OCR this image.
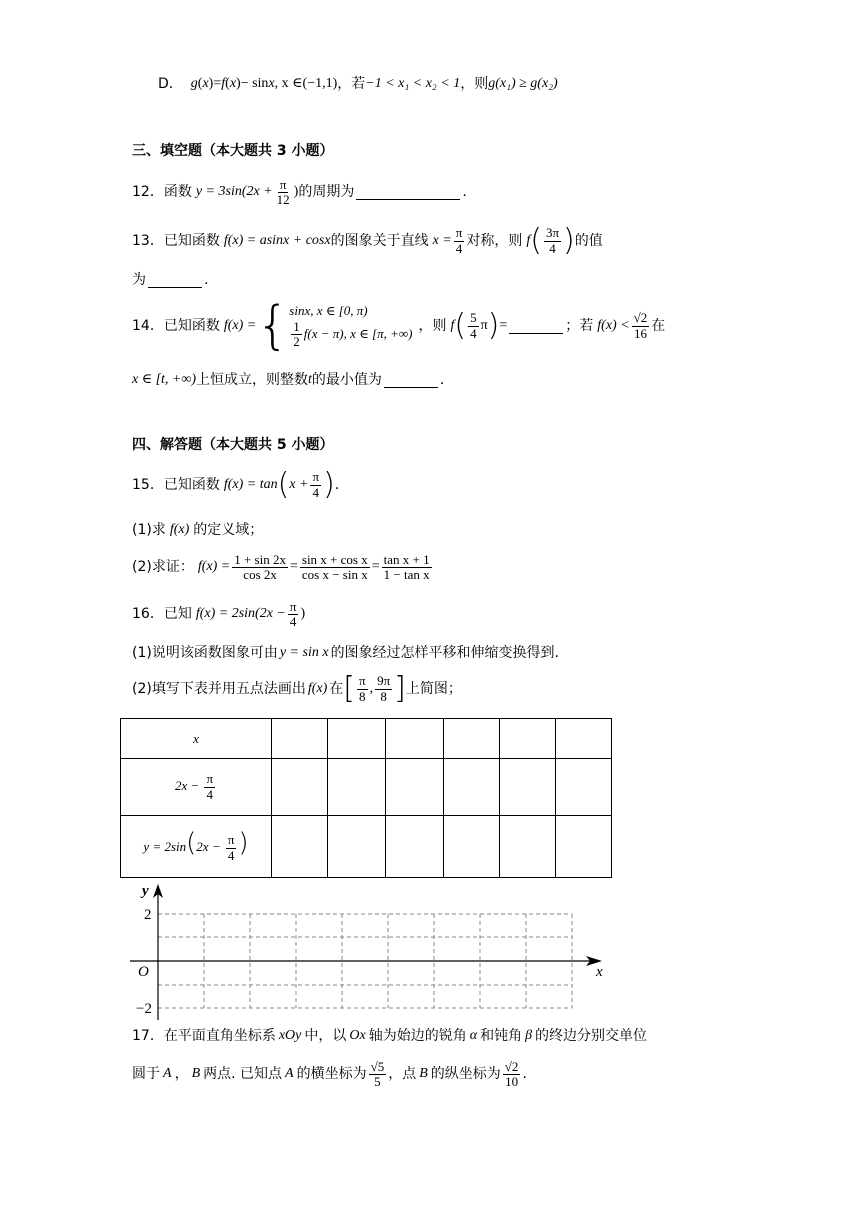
D． g ( x ) = f ( x ) − sin x , x ∈ (−1,1) ，若 −1 < x₁ < x₂ < 1 ，则 g(x₁) ≥ g(x₂)
三、填空题（本大题共 3 小题）
12． 函数 $y = 3\sin(2x + \frac{\pi}{12}$ ) 的周期为	.
13． 已知函数 f(x) = asinx + cosx 的图象关于直线 $x = \frac{\pi}{4}$ 对称，则 f ( $\frac{3\pi}{4}$ ) 的值
为	.
14． 已知函数 f(x) = { sinx, x ∈ [0, π)
$\frac{1}{2} f(x - \pi)$, x ∈ [π, +∞) ，则 f ( $\frac{5}{4}$ π ) =	；若 $f(x) < \frac{√2}{16}$ 在
x ∈ [t, +∞) 上恒成立，则整数 t 的最小值为	.
四、解答题（本大题共 5 小题）
15． 已知函数 f(x) = tan ( $x + \frac{\pi}{4}$ ) .
(1)求 f(x) 的定义域；
(2)求证： $f(x) = \frac{1 + \sin 2x}{\cos 2x} = \frac{\text{sin x + cos x}}{\text{cos x − sin x}} = \frac{\text{tan x + 1}}{\text{1 − tan x}}$
16． 已知 $f(x) = 2\sin(2x - \frac{\pi}{4}$ )
(1)说明该函数图象可由 y = sin x 的图象经过怎样平移和伸缩变换得到.
(2)填写下表并用五点法画出 f(x) 在 [ $\frac{\pi}{8}$ , $\frac{9\pi}{8}$ ] 上简图；
x						
$2x - \frac{\pi}{4}$

$y = 2\sin(2x - \frac{\pi}{4}$ )						
y
x
O
2
−2
17． 在平面直角坐标系 xOy 中，以 Ox 轴为始边的锐角 α 和钝角 β 的终边分别交单位
圆于 A ， B 两点. 已知点 A 的横坐标为 $\frac{√5}{5}$ ，点 B 的纵坐标为 $\frac{√2}{10}$ .
